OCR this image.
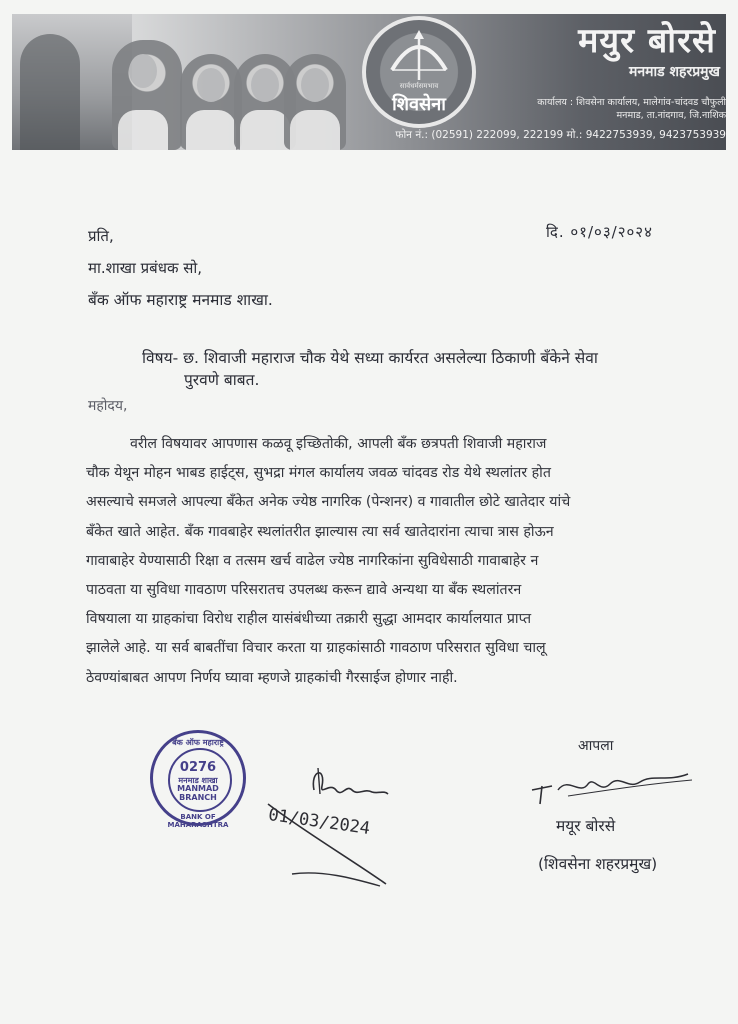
सार्वधर्मसमभाव
शिवसेना
मयुर बोरसे
मनमाड शहरप्रमुख
कार्यालय : शिवसेना कार्यालय, मालेगांव-चांदवड चौफुली
मनमाड, ता.नांदगाव, जि.नाशिक
फोन नं.: (02591) 222099, 222199 मो.: 9422753939, 9423753939
प्रति,	दि. ०१/०३/२०२४
मा.शाखा प्रबंधक सो,
बँक ऑफ महाराष्ट्र मनमाड शाखा.
विषय- छ. शिवाजी महाराज चौक येथे सध्या कार्यरत असलेल्या ठिकाणी बँकेने सेवा
पुरवणे बाबत.
महोदय,
वरील विषयावर आपणास कळवू इच्छितोकी, आपली बँक छत्रपती शिवाजी महाराज
चौक येथून मोहन भाबड हाईट्स, सुभद्रा मंगल कार्यालय जवळ चांदवड रोड येथे स्थलांतर होत
असल्याचे समजले आपल्या बँकेत अनेक ज्येष्ठ नागरिक (पेन्शनर) व गावातील छोटे खातेदार यांचे
बँकेत खाते आहेत. बँक गावबाहेर स्थलांतरीत झाल्यास त्या सर्व खातेदारांना त्याचा त्रास होऊन
गावाबाहेर येण्यासाठी रिक्षा व तत्सम खर्च वाढेल ज्येष्ठ नागरिकांना सुविधेसाठी गावाबाहेर न
पाठवता या सुविधा गावठाण परिसरातच उपलब्ध करून द्यावे अन्यथा या बँक स्थलांतरन
विषयाला या ग्राहकांचा विरोध राहील यासंबंधीच्या तक्रारी सुद्धा आमदार कार्यालयात प्राप्त
झालेले आहे. या सर्व बाबतींचा विचार करता या ग्राहकांसाठी गावठाण परिसरात सुविधा चालू
ठेवण्यांबाबत आपण निर्णय घ्यावा म्हणजे ग्राहकांची गैरसाईज होणार नाही.
बँक ऑफ महाराष्ट्र
0276
मनमाड शाखा
MANMAD
BRANCH
BANK OF MAHARASHTRA	01/03/2024
आपला
मयूर बोरसे
(शिवसेना शहरप्रमुख)
